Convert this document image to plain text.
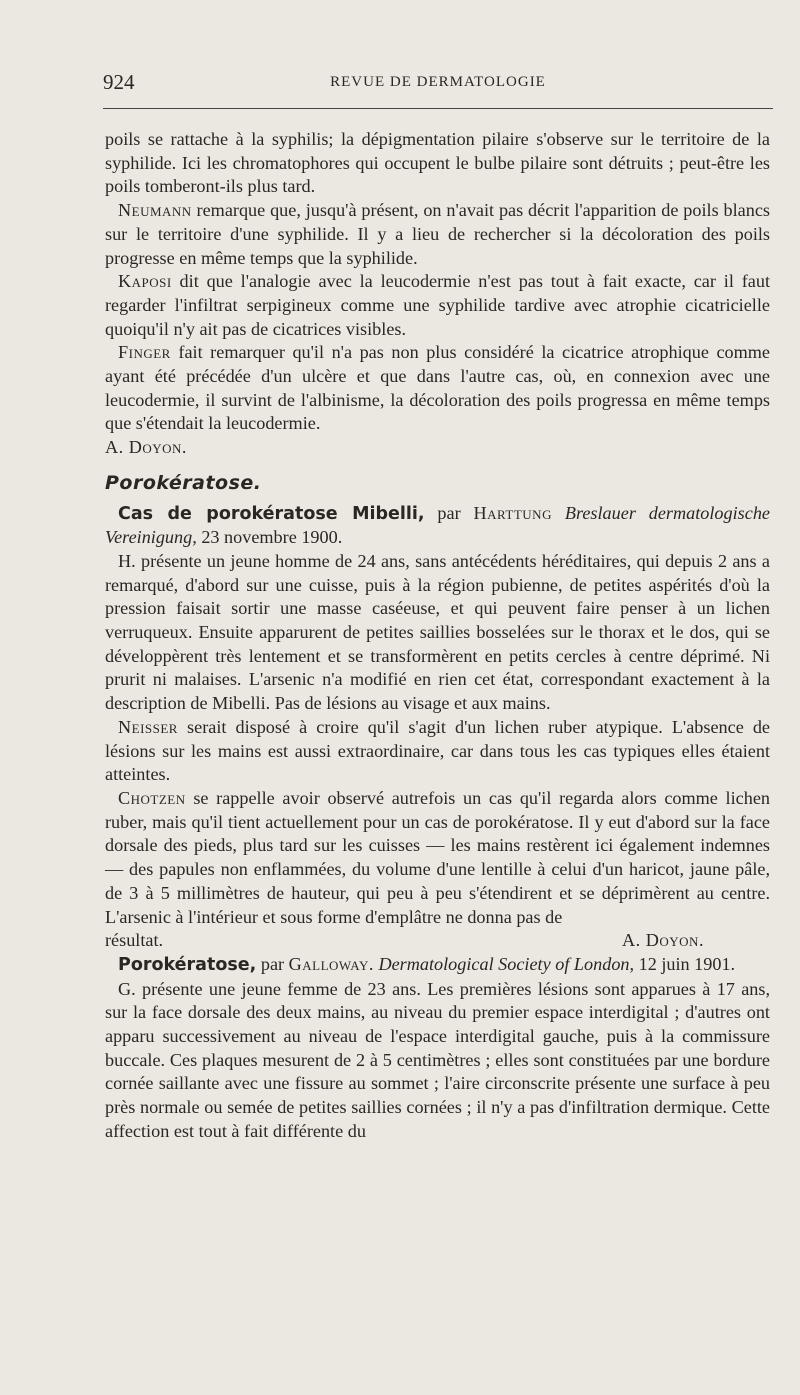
924	REVUE DE DERMATOLOGIE

poils se rattache à la syphilis; la dépigmentation pilaire s'observe sur le territoire de la syphilide. Ici les chromatophores qui occupent le bulbe pilaire sont détruits ; peut-être les poils tomberont-ils plus tard.

Neumann remarque que, jusqu'à présent, on n'avait pas décrit l'apparition de poils blancs sur le territoire d'une syphilide. Il y a lieu de rechercher si la décoloration des poils progresse en même temps que la syphilide.

Kaposi dit que l'analogie avec la leucodermie n'est pas tout à fait exacte, car il faut regarder l'infiltrat serpigineux comme une syphilide tardive avec atrophie cicatricielle quoiqu'il n'y ait pas de cicatrices visibles.

Finger fait remarquer qu'il n'a pas non plus considéré la cicatrice atrophique comme ayant été précédée d'un ulcère et que dans l'autre cas, où, en connexion avec une leucodermie, il survint de l'albinisme, la décoloration des poils progressa en même temps que s'étendait la leucodermie.

A. Doyon.

Porokératose.

Cas de porokératose Mibelli, par Harttung Breslauer dermatologische Vereinigung, 23 novembre 1900.

H. présente un jeune homme de 24 ans, sans antécédents héréditaires, qui depuis 2 ans a remarqué, d'abord sur une cuisse, puis à la région pubienne, de petites aspérités d'où la pression faisait sortir une masse caséeuse, et qui peuvent faire penser à un lichen verruqueux. Ensuite apparurent de petites saillies bosselées sur le thorax et le dos, qui se développèrent très lentement et se transformèrent en petits cercles à centre déprimé. Ni prurit ni malaises. L'arsenic n'a modifié en rien cet état, correspondant exactement à la description de Mibelli. Pas de lésions au visage et aux mains.

Neisser serait disposé à croire qu'il s'agit d'un lichen ruber atypique. L'absence de lésions sur les mains est aussi extraordinaire, car dans tous les cas typiques elles étaient atteintes.

Chotzen se rappelle avoir observé autrefois un cas qu'il regarda alors comme lichen ruber, mais qu'il tient actuellement pour un cas de porokératose. Il y eut d'abord sur la face dorsale des pieds, plus tard sur les cuisses — les mains restèrent ici également indemnes — des papules non enflammées, du volume d'une lentille à celui d'un haricot, jaune pâle, de 3 à 5 millimètres de hauteur, qui peu à peu s'étendirent et se déprimèrent au centre. L'arsenic à l'intérieur et sous forme d'emplâtre ne donna pas de

résultat.	A. Doyon.

Porokératose, par Galloway. Dermatological Society of London, 12 juin 1901.

G. présente une jeune femme de 23 ans. Les premières lésions sont apparues à 17 ans, sur la face dorsale des deux mains, au niveau du premier espace interdigital ; d'autres ont apparu successivement au niveau de l'espace interdigital gauche, puis à la commissure buccale. Ces plaques mesurent de 2 à 5 centimètres ; elles sont constituées par une bordure cornée saillante avec une fissure au sommet ; l'aire circonscrite présente une surface à peu près normale ou semée de petites saillies cornées ; il n'y a pas d'infiltration dermique. Cette affection est tout à fait différente du
